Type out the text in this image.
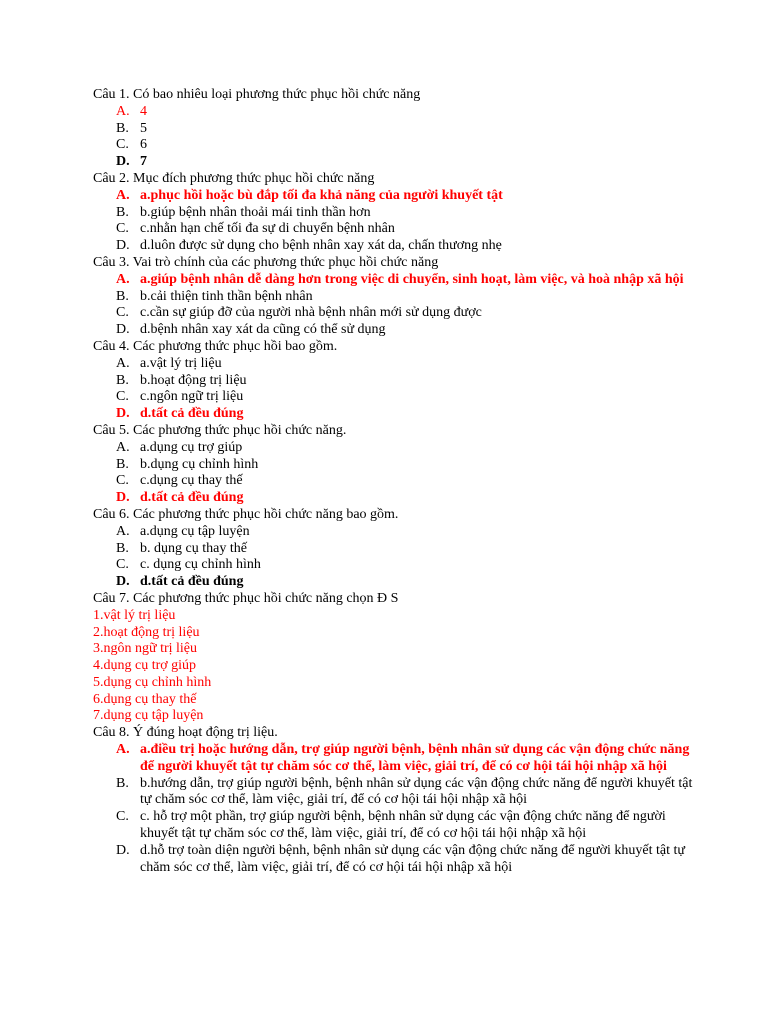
Câu 1. Có bao nhiêu loại phương thức phục hồi chức năng
A. 4
B. 5
C. 6
D. 7
Câu 2. Mục đích phương thức phục hồi chức năng
A. a.phục hồi hoặc bù đắp tối đa khả năng của người khuyết tật
B. b.giúp bệnh nhân thoải mái tinh thần hơn
C. c.nhằn hạn chế tối đa sự di chuyển bệnh nhân
D. d.luôn được sử dụng cho bệnh nhân xay xát da, chấn thương nhẹ
Câu 3. Vai trò chính của các phương thức phục hồi chức năng
A. a.giúp bệnh nhân dễ dàng hơn trong việc di chuyển, sinh hoạt, làm việc, và hoà nhập xã hội
B. b.cải thiện tinh thần bệnh nhân
C. c.cần sự giúp đỡ của người nhà bệnh nhân mới sử dụng được
D. d.bệnh nhân xay xát da cũng có thể sử dụng
Câu 4. Các phương thức phục hồi bao gồm.
A. a.vật lý trị liệu
B. b.hoạt động trị liệu
C. c.ngôn ngữ trị liệu
D. d.tất cả đều đúng
Câu 5. Các phương thức phục hồi chức năng.
A. a.dụng cụ trợ giúp
B. b.dụng cụ chỉnh hình
C. c.dụng cụ thay thế
D. d.tất cả đều đúng
Câu 6. Các phương thức phục hồi chức năng bao gồm.
A. a.dụng cụ tập luyện
B. b. dụng cụ thay thế
C. c. dụng cụ chỉnh hình
D. d.tất cả đều đúng
Câu 7. Các phương thức phục hồi chức năng chọn Đ S
1.vật lý trị liệu
2.hoạt động trị liệu
3.ngôn ngữ trị liệu
4.dụng cụ trợ giúp
5.dụng cụ chỉnh hình
6.dụng cụ thay thế
7.dụng cụ tập luyện
Câu 8. Ý đúng hoạt động trị liệu.
A. a.điều trị hoặc hướng dẫn, trợ giúp người bệnh, bệnh nhân sử dụng các vận động chức năng để người khuyết tật tự chăm sóc cơ thể, làm việc, giải trí, để có cơ hội tái hội nhập xã hội
B. b.hướng dẫn, trợ giúp người bệnh, bệnh nhân sử dụng các vận động chức năng để người khuyết tật tự chăm sóc cơ thể, làm việc, giải trí, để có cơ hội tái hội nhập xã hội
C. c. hỗ trợ một phần, trợ giúp người bệnh, bệnh nhân sử dụng các vận động chức năng để người khuyết tật tự chăm sóc cơ thể, làm việc, giải trí, để có cơ hội tái hội nhập xã hội
D. d.hỗ trợ toàn diện người bệnh, bệnh nhân sử dụng các vận động chức năng để người khuyết tật tự chăm sóc cơ thể, làm việc, giải trí, để có cơ hội tái hội nhập xã hội
